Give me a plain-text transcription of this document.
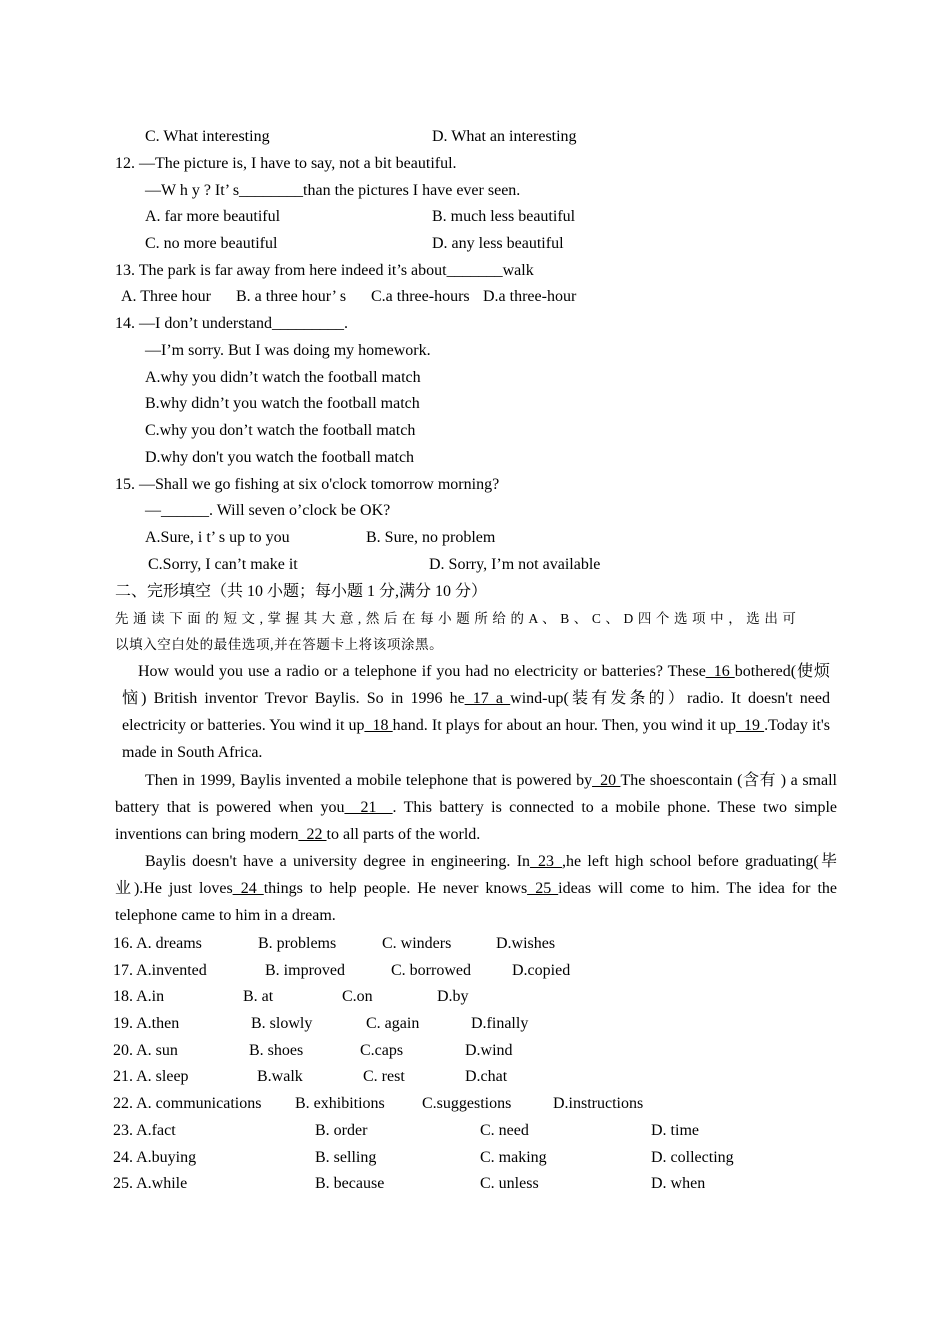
C. What interesting	D. What an interesting
12. —The picture is, I have to say, not a bit beautiful.
—W h y ? It’ s________than the pictures I have ever seen.
A. far more beautiful	B. much less beautiful
C. no more beautiful	D. any less beautiful
13. The park is far away from here indeed it’s about_______walk
A. Three hour B. a three hour’ s C.a three-hours D.a three-hour
14. —I don’t understand_________.
—I’m sorry. But I was doing my homework.
A.why you didn’t watch the football match
B.why didn’t you watch the football match
C.why you don’t watch the football match
D.why don't you watch the football match
15. —Shall we go fishing at six o'clock tomorrow morning?
—______. Will seven o’clock be OK?
A.Sure, i t’ s up to you	B. Sure, no problem
C.Sorry, I can’t make it	D. Sorry, I’m not available
二、完形填空（共 10 小题；每小题 1 分,满分 10 分）
先 通 读 下 面 的 短 文 , 掌 握 其 大 意 , 然 后 在 每 小 题 所 给 的 A 、 B 、 C 、 D 四 个 选 项 中 ， 选 出 可
以填入空白处的最佳选项,并在答题卡上将该项涂黑。
How would you use a radio or a telephone if you had no electricity or batteries? These_16 bothered(使烦恼) British inventor Trevor Baylis. So in 1996 he_17 a wind-up(装有发条的）radio. It doesn't need electricity or batteries. You wind it up_18 hand. It plays for about an hour. Then, you wind it up_19 .Today it's made in South Africa.
Then in 1999, Baylis invented a mobile telephone that is powered by_20 The shoescontain (含有 ) a small battery that is powered when you__21__. This battery is connected to a mobile phone. These two simple inventions can bring modern_22 to all parts of the world.
Baylis doesn't have a university degree in engineering. In_23_,he left high school before graduating(毕业).He just loves_24 things to help people. He never knows_25 ideas will come to him. The idea for the telephone came to him in a dream.
16. A. dreams	B. problems	C. winders	D.wishes
17. A.invented	B. improved	C. borrowed	D.copied
18. A.in	B. at	C.on	D.by
19. A.then	B. slowly	C. again	D.finally
20. A. sun	B. shoes	C.caps	D.wind
21. A. sleep	B.walk	C. rest	D.chat
22. A. communications B. exhibitions C.suggestions	D.instructions
23. A.fact	B. order	C. need	D. time
24. A.buying	B. selling	C. making	D. collecting
25. A.while	B. because	C. unless	D. when
